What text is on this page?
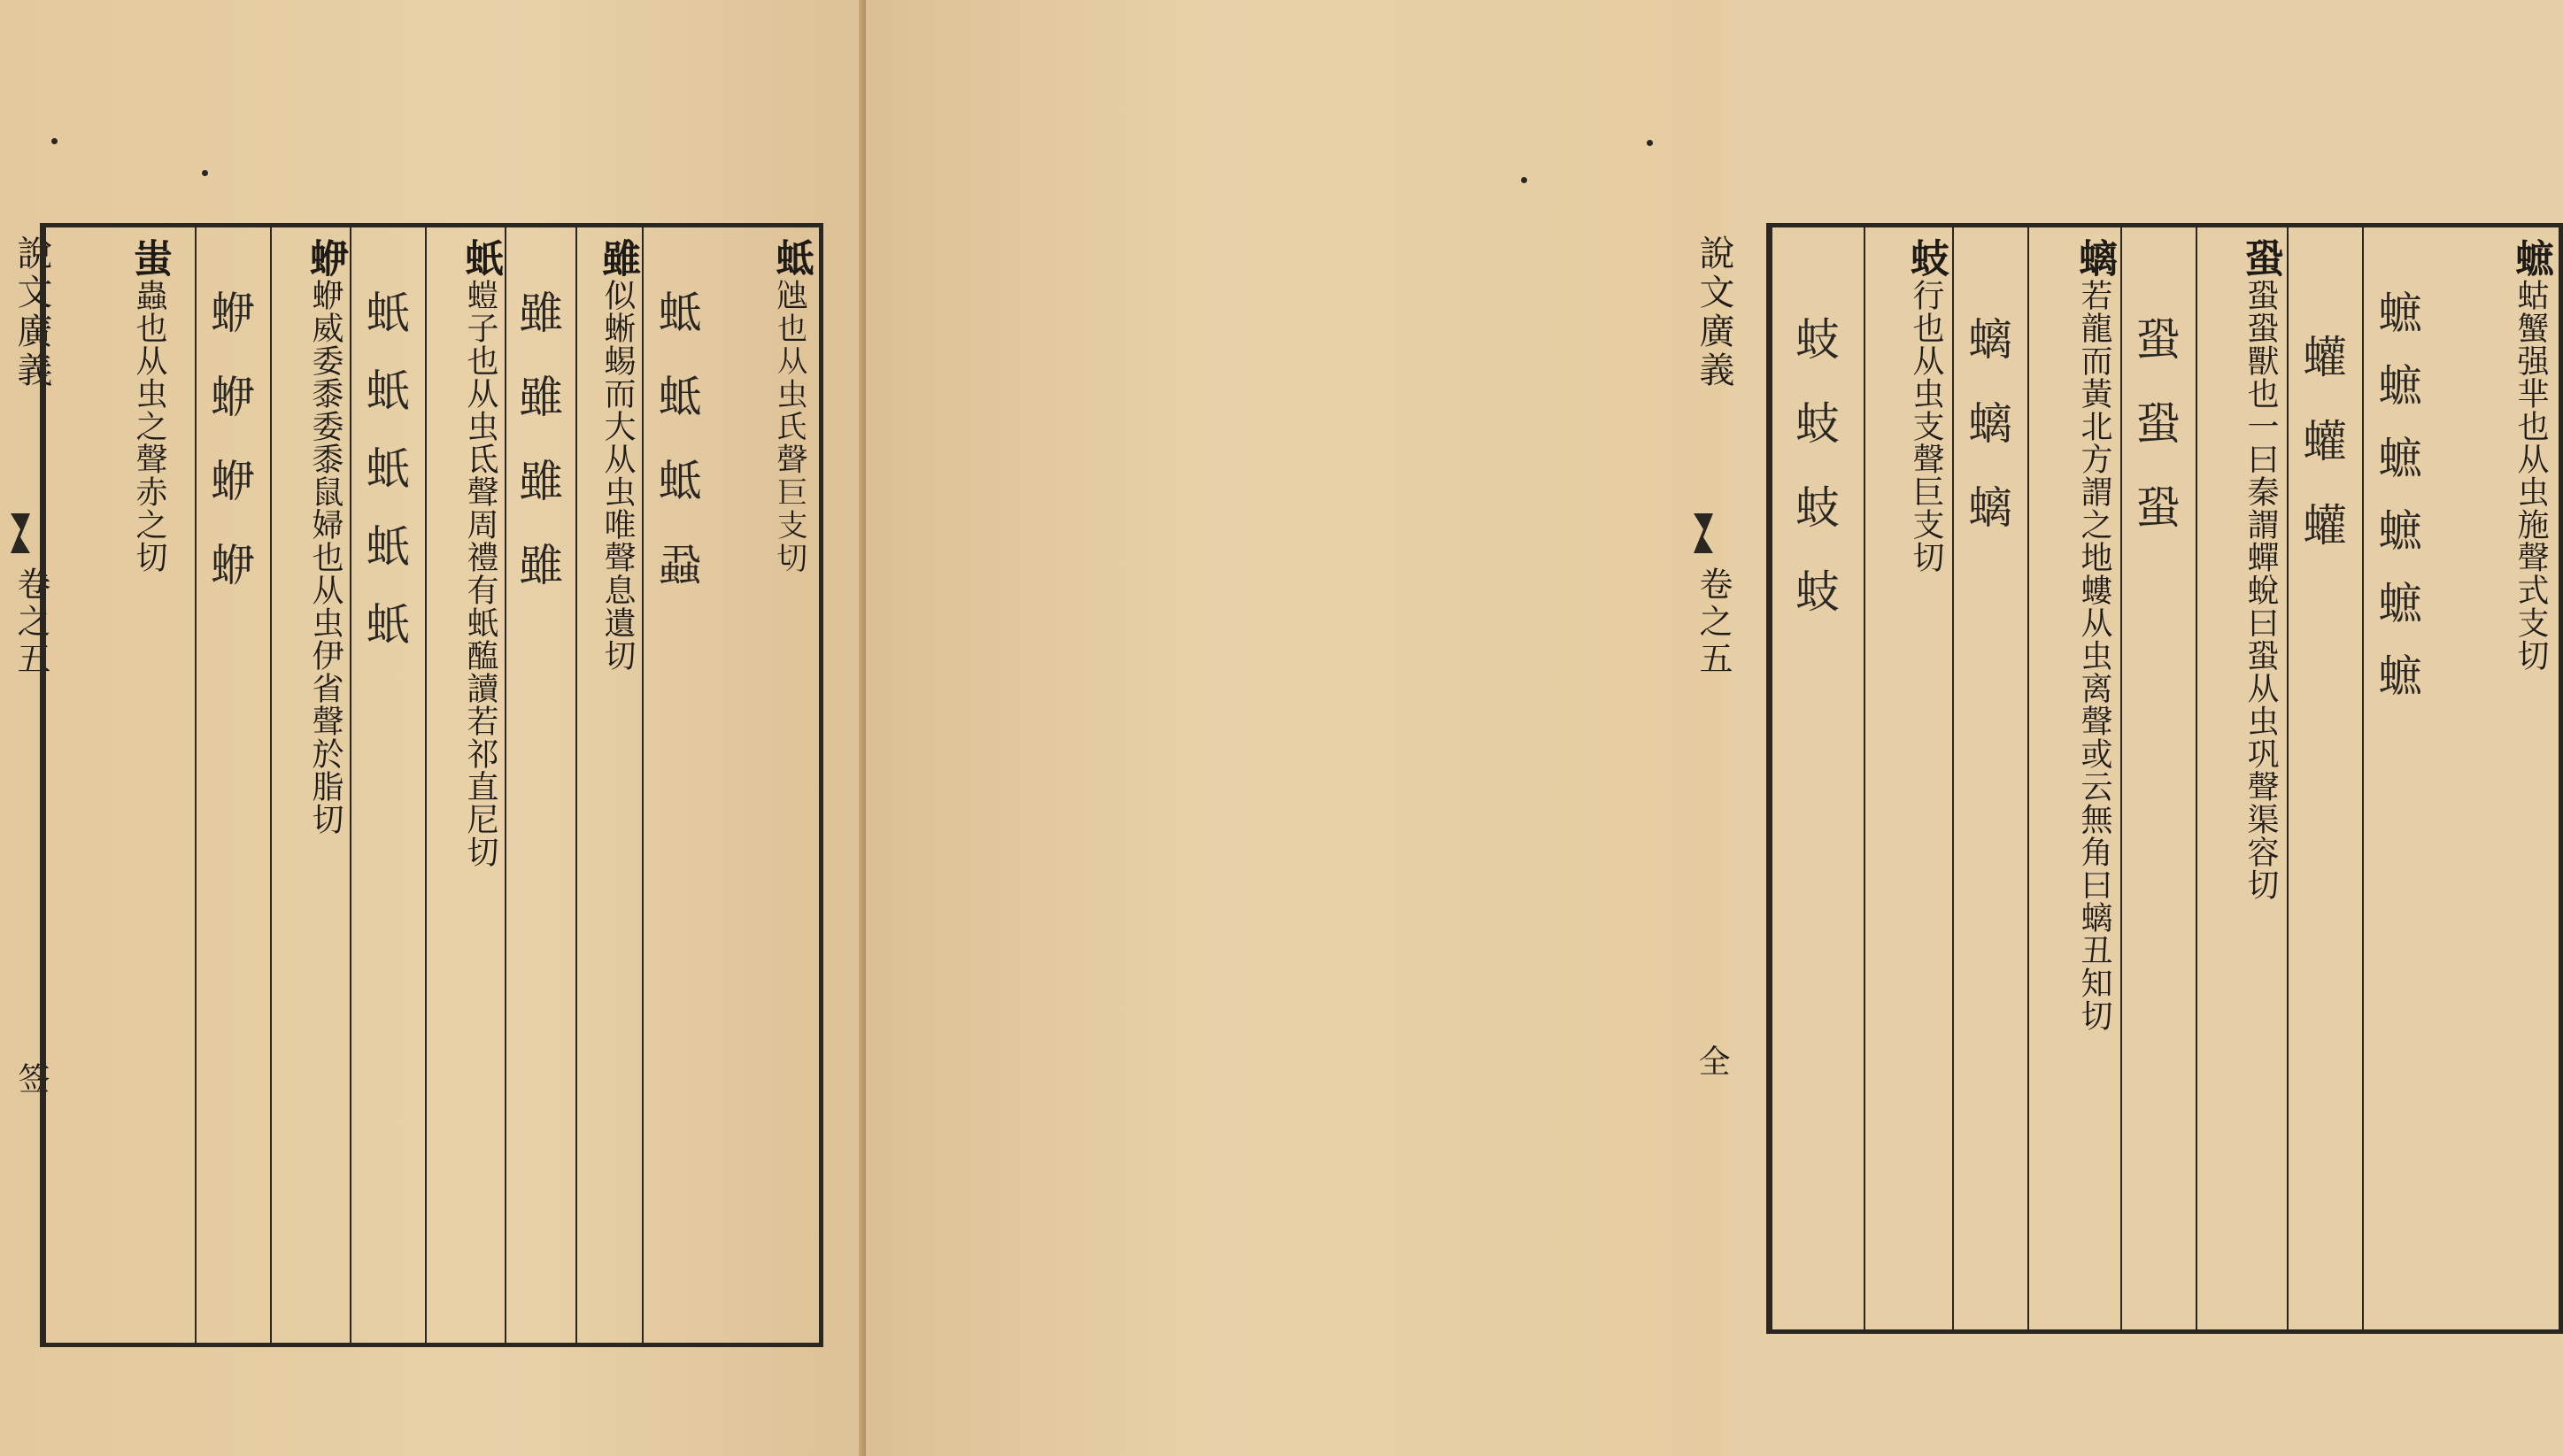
說文廣義
卷之五
签
蚳𧉇也从虫氏聲巨支切
蚳蚳蚳蝨
雖似蜥蜴而大从虫唯聲息遺切
雖雖雖雖
蚔螘子也从虫氐聲周禮有蚔醢讀若祁直尼切
蚔蚔蚔蚔蚔
蛜蛜威委黍委黍鼠婦也从虫伊省聲於脂切
蛜蛜蛜蛜
蚩蟲也从虫之聲赤之切	說文廣義
卷之五
全
蟅蛄蟹强芈也从虫施聲式支切
蟅蟅蟅蟅蟅蟅
蠸蠸蠸
蛩蛩蛩獸也一曰秦謂蟬蛻曰蛩从虫巩聲渠容切
蛩蛩蛩
螭若龍而黃北方謂之地螻从虫离聲或云無角曰螭丑知切
螭螭螭
蚑行也从虫支聲巨支切
蚑蚑蚑蚑
